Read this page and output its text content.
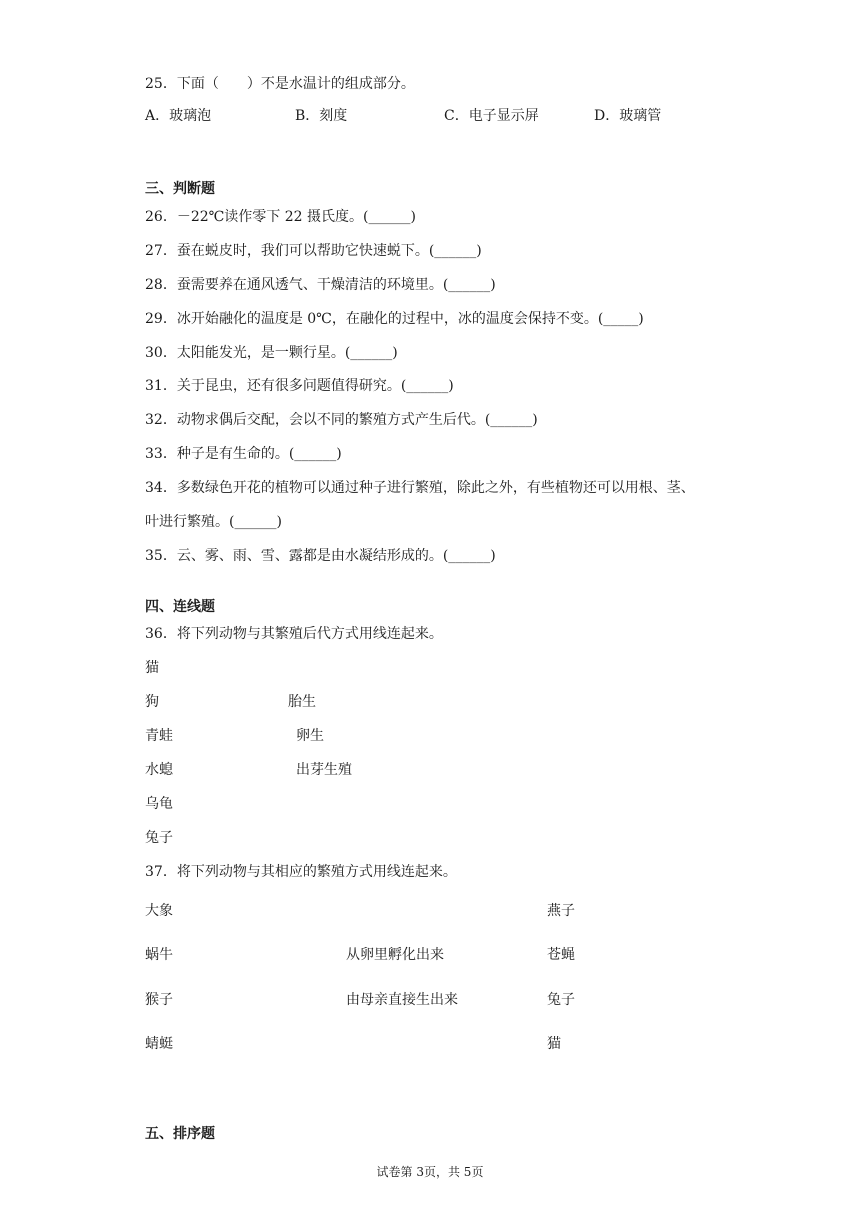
25．下面（　　）不是水温计的组成部分。
A．玻璃泡	B．刻度	C．电子显示屏	D．玻璃管
三、判断题
26．－22℃读作零下 22 摄氏度。(______)
27．蚕在蜕皮时，我们可以帮助它快速蜕下。(______)
28．蚕需要养在通风透气、干燥清洁的环境里。(______)
29．冰开始融化的温度是 0℃，在融化的过程中，冰的温度会保持不变。(_____)
30．太阳能发光，是一颗行星。(______)
31．关于昆虫，还有很多问题值得研究。(______)
32．动物求偶后交配，会以不同的繁殖方式产生后代。(______)
33．种子是有生命的。(______)
34．多数绿色开花的植物可以通过种子进行繁殖，除此之外，有些植物还可以用根、茎、
叶进行繁殖。(______)
35．云、雾、雨、雪、露都是由水凝结形成的。(______)
四、连线题
36．将下列动物与其繁殖后代方式用线连起来。
猫
狗
青蛙
水螅
乌龟
兔子
胎生
卵生
出芽生殖
37．将下列动物与其相应的繁殖方式用线连起来。
大象
蜗牛
猴子
蜻蜓
从卵里孵化出来
由母亲直接生出来
燕子
苍蝇
兔子
猫
五、排序题
试卷第 3页，共 5页
